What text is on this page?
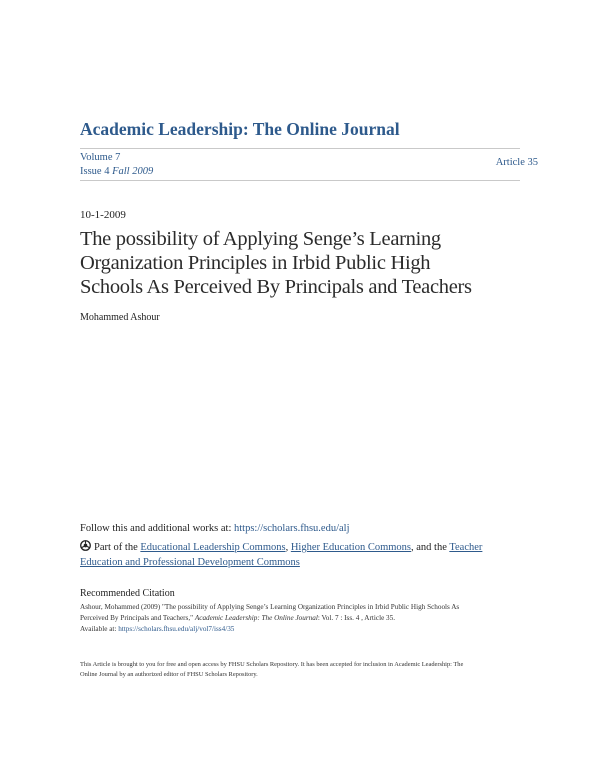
Academic Leadership: The Online Journal
Volume 7
Issue 4 Fall 2009
Article 35
10-1-2009
The possibility of Applying Senge’s Learning
Organization Principles in Irbid Public High
Schools As Perceived By Principals and Teachers
Mohammed Ashour
Follow this and additional works at: https://scholars.fhsu.edu/alj
Part of the Educational Leadership Commons, Higher Education Commons, and the Teacher
Education and Professional Development Commons
Recommended Citation
Ashour, Mohammed (2009) "The possibility of Applying Senge’s Learning Organization Principles in Irbid Public High Schools As
Perceived By Principals and Teachers," Academic Leadership: The Online Journal: Vol. 7 : Iss. 4 , Article 35.
Available at: https://scholars.fhsu.edu/alj/vol7/iss4/35
This Article is brought to you for free and open access by FHSU Scholars Repository. It has been accepted for inclusion in Academic Leadership: The
Online Journal by an authorized editor of FHSU Scholars Repository.
